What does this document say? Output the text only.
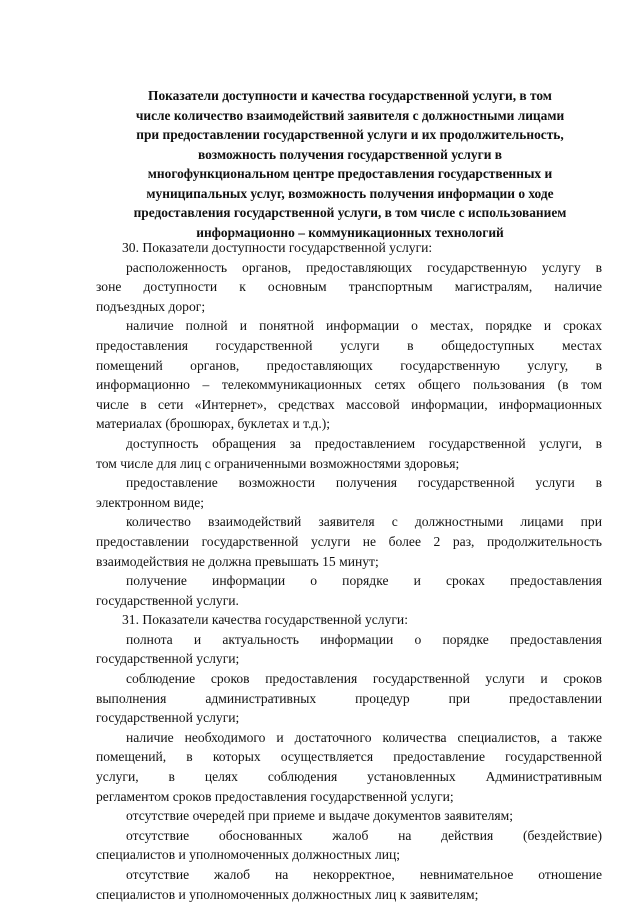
Показатели доступности и качества государственной услуги, в том
числе количество взаимодействий заявителя с должностными лицами
при предоставлении государственной услуги и их продолжительность,
возможность получения государственной услуги в
многофункциональном центре предоставления государственных и
муниципальных услуг, возможность получения информации о ходе
предоставления государственной услуги, в том числе с использованием
информационно – коммуникационных технологий
30. Показатели доступности государственной услуги:
расположенность органов, предоставляющих государственную услугу в
зоне доступности к основным транспортным магистралям, наличие
подъездных дорог;
наличие полной и понятной информации о местах, порядке и сроках
предоставления государственной услуги в общедоступных местах
помещений органов, предоставляющих государственную услугу, в
информационно – телекоммуникационных сетях общего пользования (в том
числе в сети «Интернет», средствах массовой информации, информационных
материалах (брошюрах, буклетах и т.д.);
доступность обращения за предоставлением государственной услуги, в
том числе для лиц с ограниченными возможностями здоровья;
предоставление возможности получения государственной услуги в
электронном виде;
количество взаимодействий заявителя с должностными лицами при
предоставлении государственной услуги не более 2 раз, продолжительность
взаимодействия не должна превышать 15 минут;
получение информации о порядке и сроках предоставления
государственной услуги.
31. Показатели качества государственной услуги:
полнота и актуальность информации о порядке предоставления
государственной услуги;
соблюдение сроков предоставления государственной услуги и сроков
выполнения административных процедур при предоставлении
государственной услуги;
наличие необходимого и достаточного количества специалистов, а также
помещений, в которых осуществляется предоставление государственной
услуги, в целях соблюдения установленных Административным
регламентом сроков предоставления государственной услуги;
отсутствие очередей при приеме и выдаче документов заявителям;
отсутствие обоснованных жалоб на действия (бездействие)
специалистов и уполномоченных должностных лиц;
отсутствие жалоб на некорректное, невнимательное отношение
специалистов и уполномоченных должностных лиц к заявителям;
